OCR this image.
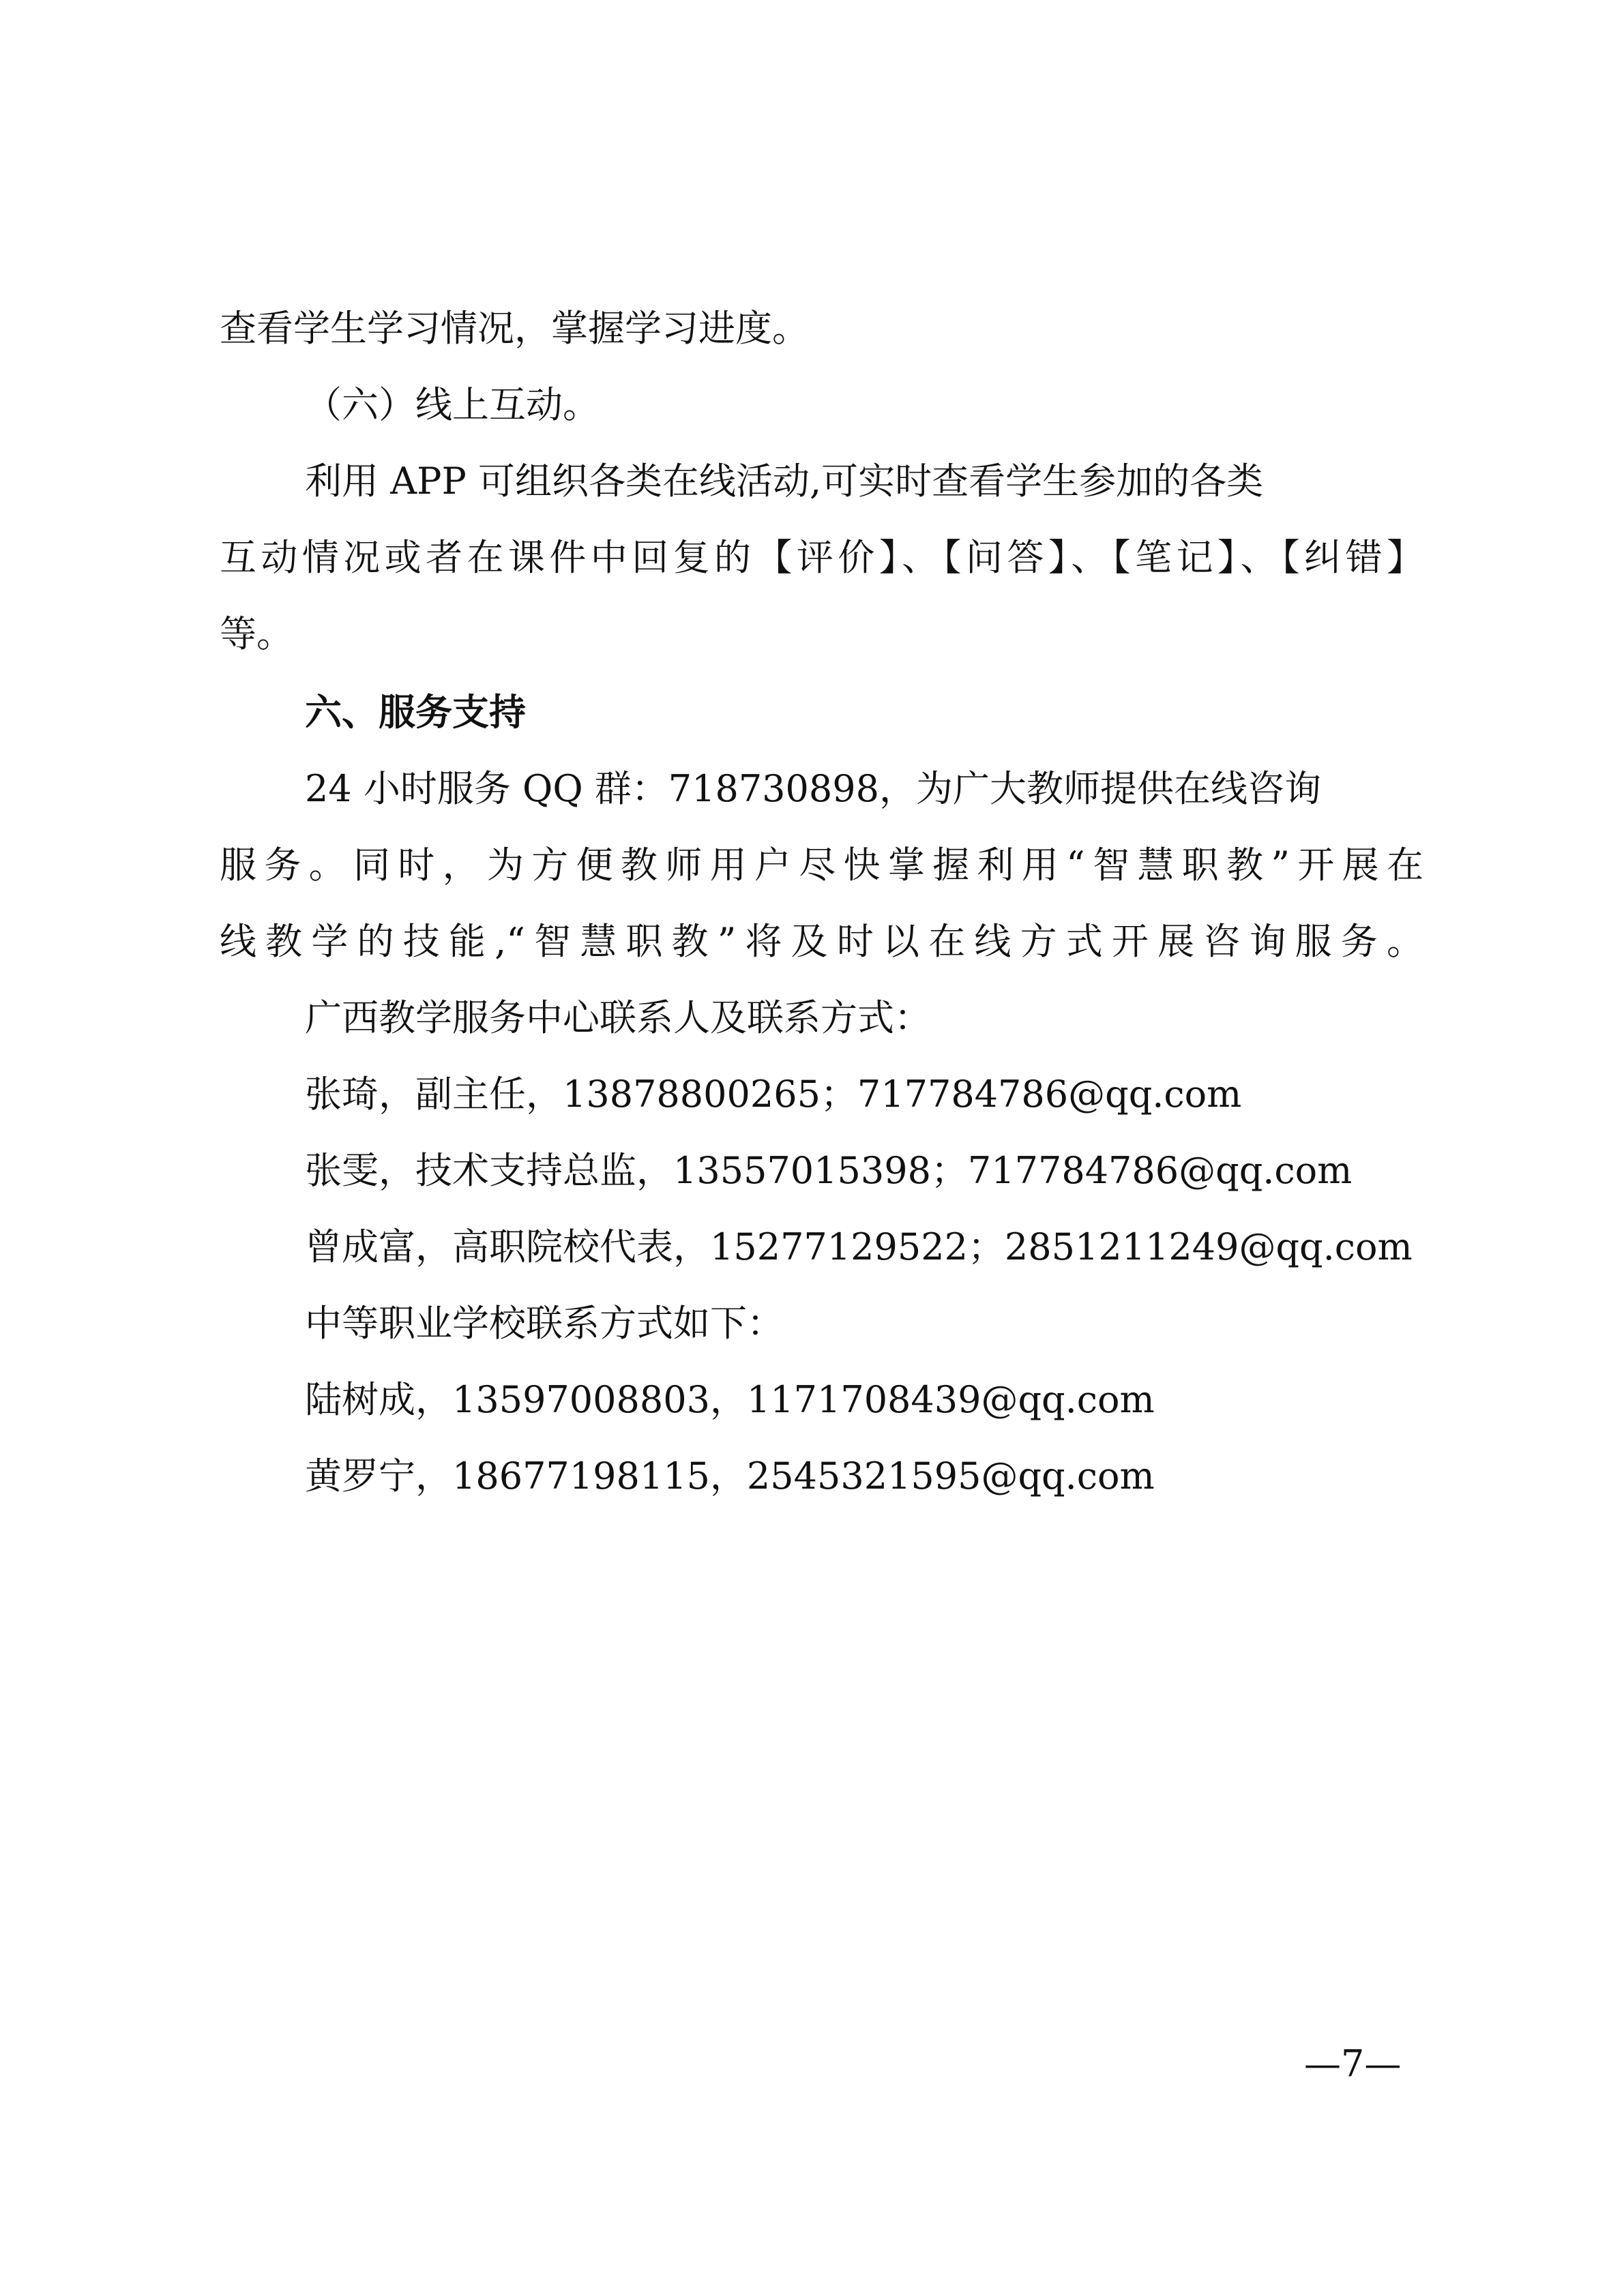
查看学生学习情况，掌握学习进度。
（六）线上互动。
利用 APP 可组织各类在线活动,可实时查看学生参加的各类
互动情况或者在课件中回复的【评价】、【问答】、【笔记】、【纠错】
等。
六、服务支持
24 小时服务 QQ 群：718730898，为广大教师提供在线咨询
服务。同时，为方便教师用户尽快掌握利用“智慧职教”开展在
线教学的技能,“智慧职教”将及时以在线方式开展咨询服务。
广西教学服务中心联系人及联系方式：
张琦，副主任，13878800265；717784786@qq.com
张雯，技术支持总监，13557015398；717784786@qq.com
曾成富，高职院校代表，15277129522；2851211249@qq.com
中等职业学校联系方式如下：
陆树成，13597008803，1171708439@qq.com
黄罗宁，18677198115，2545321595@qq.com
—7—
